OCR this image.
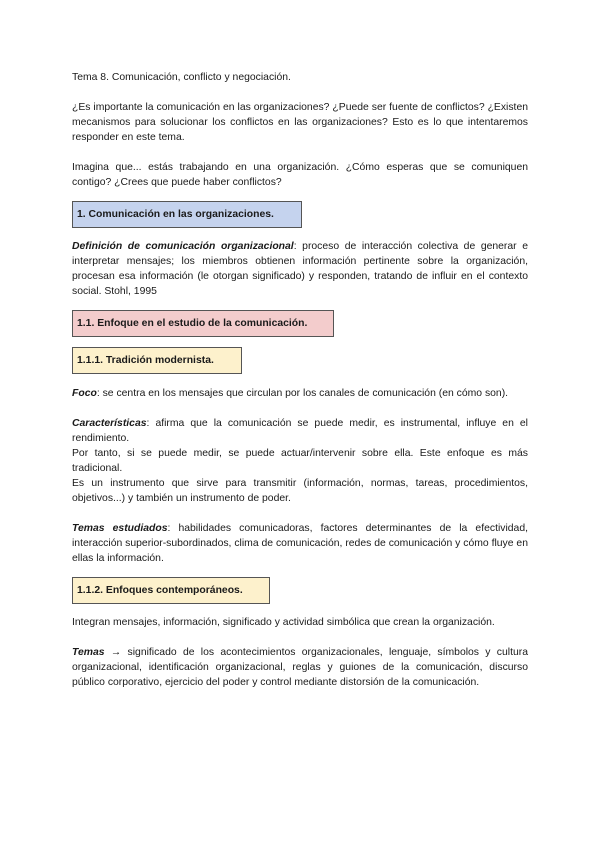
Tema 8. Comunicación, conflicto y negociación.

¿Es importante la comunicación en las organizaciones? ¿Puede ser fuente de conflictos? ¿Existen mecanismos para solucionar los conflictos en las organizaciones? Esto es lo que intentaremos responder en este tema.

Imagina que... estás trabajando en una organización. ¿Cómo esperas que se comuniquen contigo? ¿Crees que puede haber conflictos?

1. Comunicación en las organizaciones.

Definición de comunicación organizacional: proceso de interacción colectiva de generar e interpretar mensajes; los miembros obtienen información pertinente sobre la organización, procesan esa información (le otorgan significado) y responden, tratando de influir en el contexto social. Stohl, 1995

1.1. Enfoque en el estudio de la comunicación.
1.1.1. Tradición modernista.

Foco: se centra en los mensajes que circulan por los canales de comunicación (en cómo son).

Características: afirma que la comunicación se puede medir, es instrumental, influye en el rendimiento.

Por tanto, si se puede medir, se puede actuar/intervenir sobre ella. Este enfoque es más tradicional.

Es un instrumento que sirve para transmitir (información, normas, tareas, procedimientos, objetivos...) y también un instrumento de poder.

Temas estudiados: habilidades comunicadoras, factores determinantes de la efectividad, interacción superior-subordinados, clima de comunicación, redes de comunicación y cómo fluye en ellas la información.

1.1.2. Enfoques contemporáneos.

Integran mensajes, información, significado y actividad simbólica que crean la organización.

Temas → significado de los acontecimientos organizacionales, lenguaje, símbolos y cultura organizacional, identificación organizacional, reglas y guiones de la comunicación, discurso público corporativo, ejercicio del poder y control mediante distorsión de la comunicación.
